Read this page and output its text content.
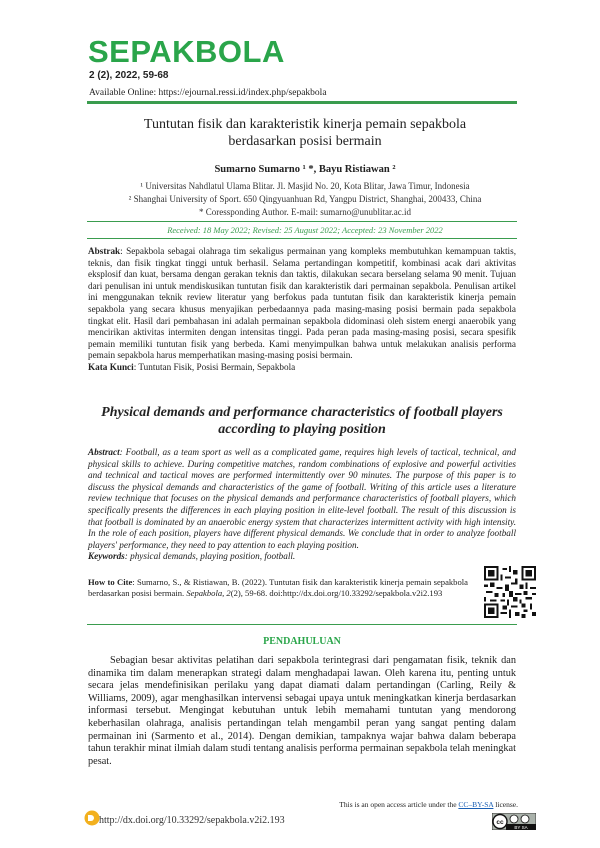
SEPAKBOLA
2 (2), 2022, 59-68
Available Online: https://ejournal.ressi.id/index.php/sepakbola
Tuntutan fisik dan karakteristik kinerja pemain sepakbola
berdasarkan posisi bermain
Sumarno Sumarno ¹ *, Bayu Ristiawan ²
¹ Universitas Nahdlatul Ulama Blitar. Jl. Masjid No. 20, Kota Blitar, Jawa Timur, Indonesia
² Shanghai University of Sport. 650 Qingyuanhuan Rd, Yangpu District, Shanghai, 200433, China
* Coressponding Author. E-mail: sumarno@unublitar.ac.id
Received: 18 May 2022; Revised: 25 August 2022; Accepted: 23 November 2022
Abstrak: Sepakbola sebagai olahraga tim sekaligus permainan yang kompleks membutuhkan kemampuan taktis, teknis, dan fisik tingkat tinggi untuk berhasil. Selama pertandingan kompetitif, kombinasi acak dari aktivitas eksplosif dan kuat, bersama dengan gerakan teknis dan taktis, dilakukan secara berselang selama 90 menit. Tujuan dari penulisan ini untuk mendiskusikan tuntutan fisik dan karakteristik dari permainan sepakbola. Penulisan artikel ini menggunakan teknik review literatur yang berfokus pada tuntutan fisik dan karakteristik kinerja pemain sepakbola yang secara khusus menyajikan perbedaannya pada masing-masing posisi bermain pada sepakbola tingkat elit. Hasil dari pembahasan ini adalah permainan sepakbola didominasi oleh sistem energi anaerobik yang mencirikan aktivitas intermiten dengan intensitas tinggi. Pada peran pada masing-masing posisi, secara spesifik pemain memiliki tuntutan fisik yang berbeda. Kami menyimpulkan bahwa untuk melakukan analisis performa pemain sepakbola harus memperhatikan masing-masing posisi bermain.
Kata Kunci: Tuntutan Fisik, Posisi Bermain, Sepakbola
Physical demands and performance characteristics of football players
according to playing position
Abstract: Football, as a team sport as well as a complicated game, requires high levels of tactical, technical, and physical skills to achieve. During competitive matches, random combinations of explosive and powerful activities and technical and tactical moves are performed intermittently over 90 minutes. The purpose of this paper is to discuss the physical demands and characteristics of the game of football. Writing of this article uses a literature review technique that focuses on the physical demands and performance characteristics of football players, which specifically presents the differences in each playing position in elite-level football. The result of this discussion is that football is dominated by an anaerobic energy system that characterizes intermittent activity with high intensity. In the role of each position, players have different physical demands. We conclude that in order to analyze football players' performance, they need to pay attention to each playing position.
Keywords: physical demands, playing position, football.
How to Cite: Sumarno, S., & Ristiawan, B. (2022). Tuntutan fisik dan karakteristik kinerja pemain sepakbola berdasarkan posisi bermain. Sepakbola, 2(2), 59-68. doi:http://dx.doi.org/10.33292/sepakbola.v2i2.193
PENDAHULUAN
Sebagian besar aktivitas pelatihan dari sepakbola terintegrasi dari pengamatan fisik, teknik dan dinamika tim dalam menerapkan strategi dalam menghadapai lawan. Oleh karena itu, penting untuk secara jelas mendefinisikan perilaku yang dapat diamati dalam pertandingan (Carling, Reily & Williams, 2009), agar menghasilkan intervensi sebagai upaya untuk meningkatkan kinerja berdasarkan informasi tersebut. Mengingat kebutuhan untuk lebih memahami tuntutan yang mendorong keberhasilan olahraga, analisis pertandingan telah mengambil peran yang sangat penting dalam permainan ini (Sarmento et al., 2014). Dengan demikian, tampaknya wajar bahwa dalam beberapa tahun terakhir minat ilmiah dalam studi tentang analisis performa permainan sepakbola telah meningkat pesat.
This is an open access article under the CC–BY-SA license.
http://dx.doi.org/10.33292/sepakbola.v2i2.193	cc
BY SA
